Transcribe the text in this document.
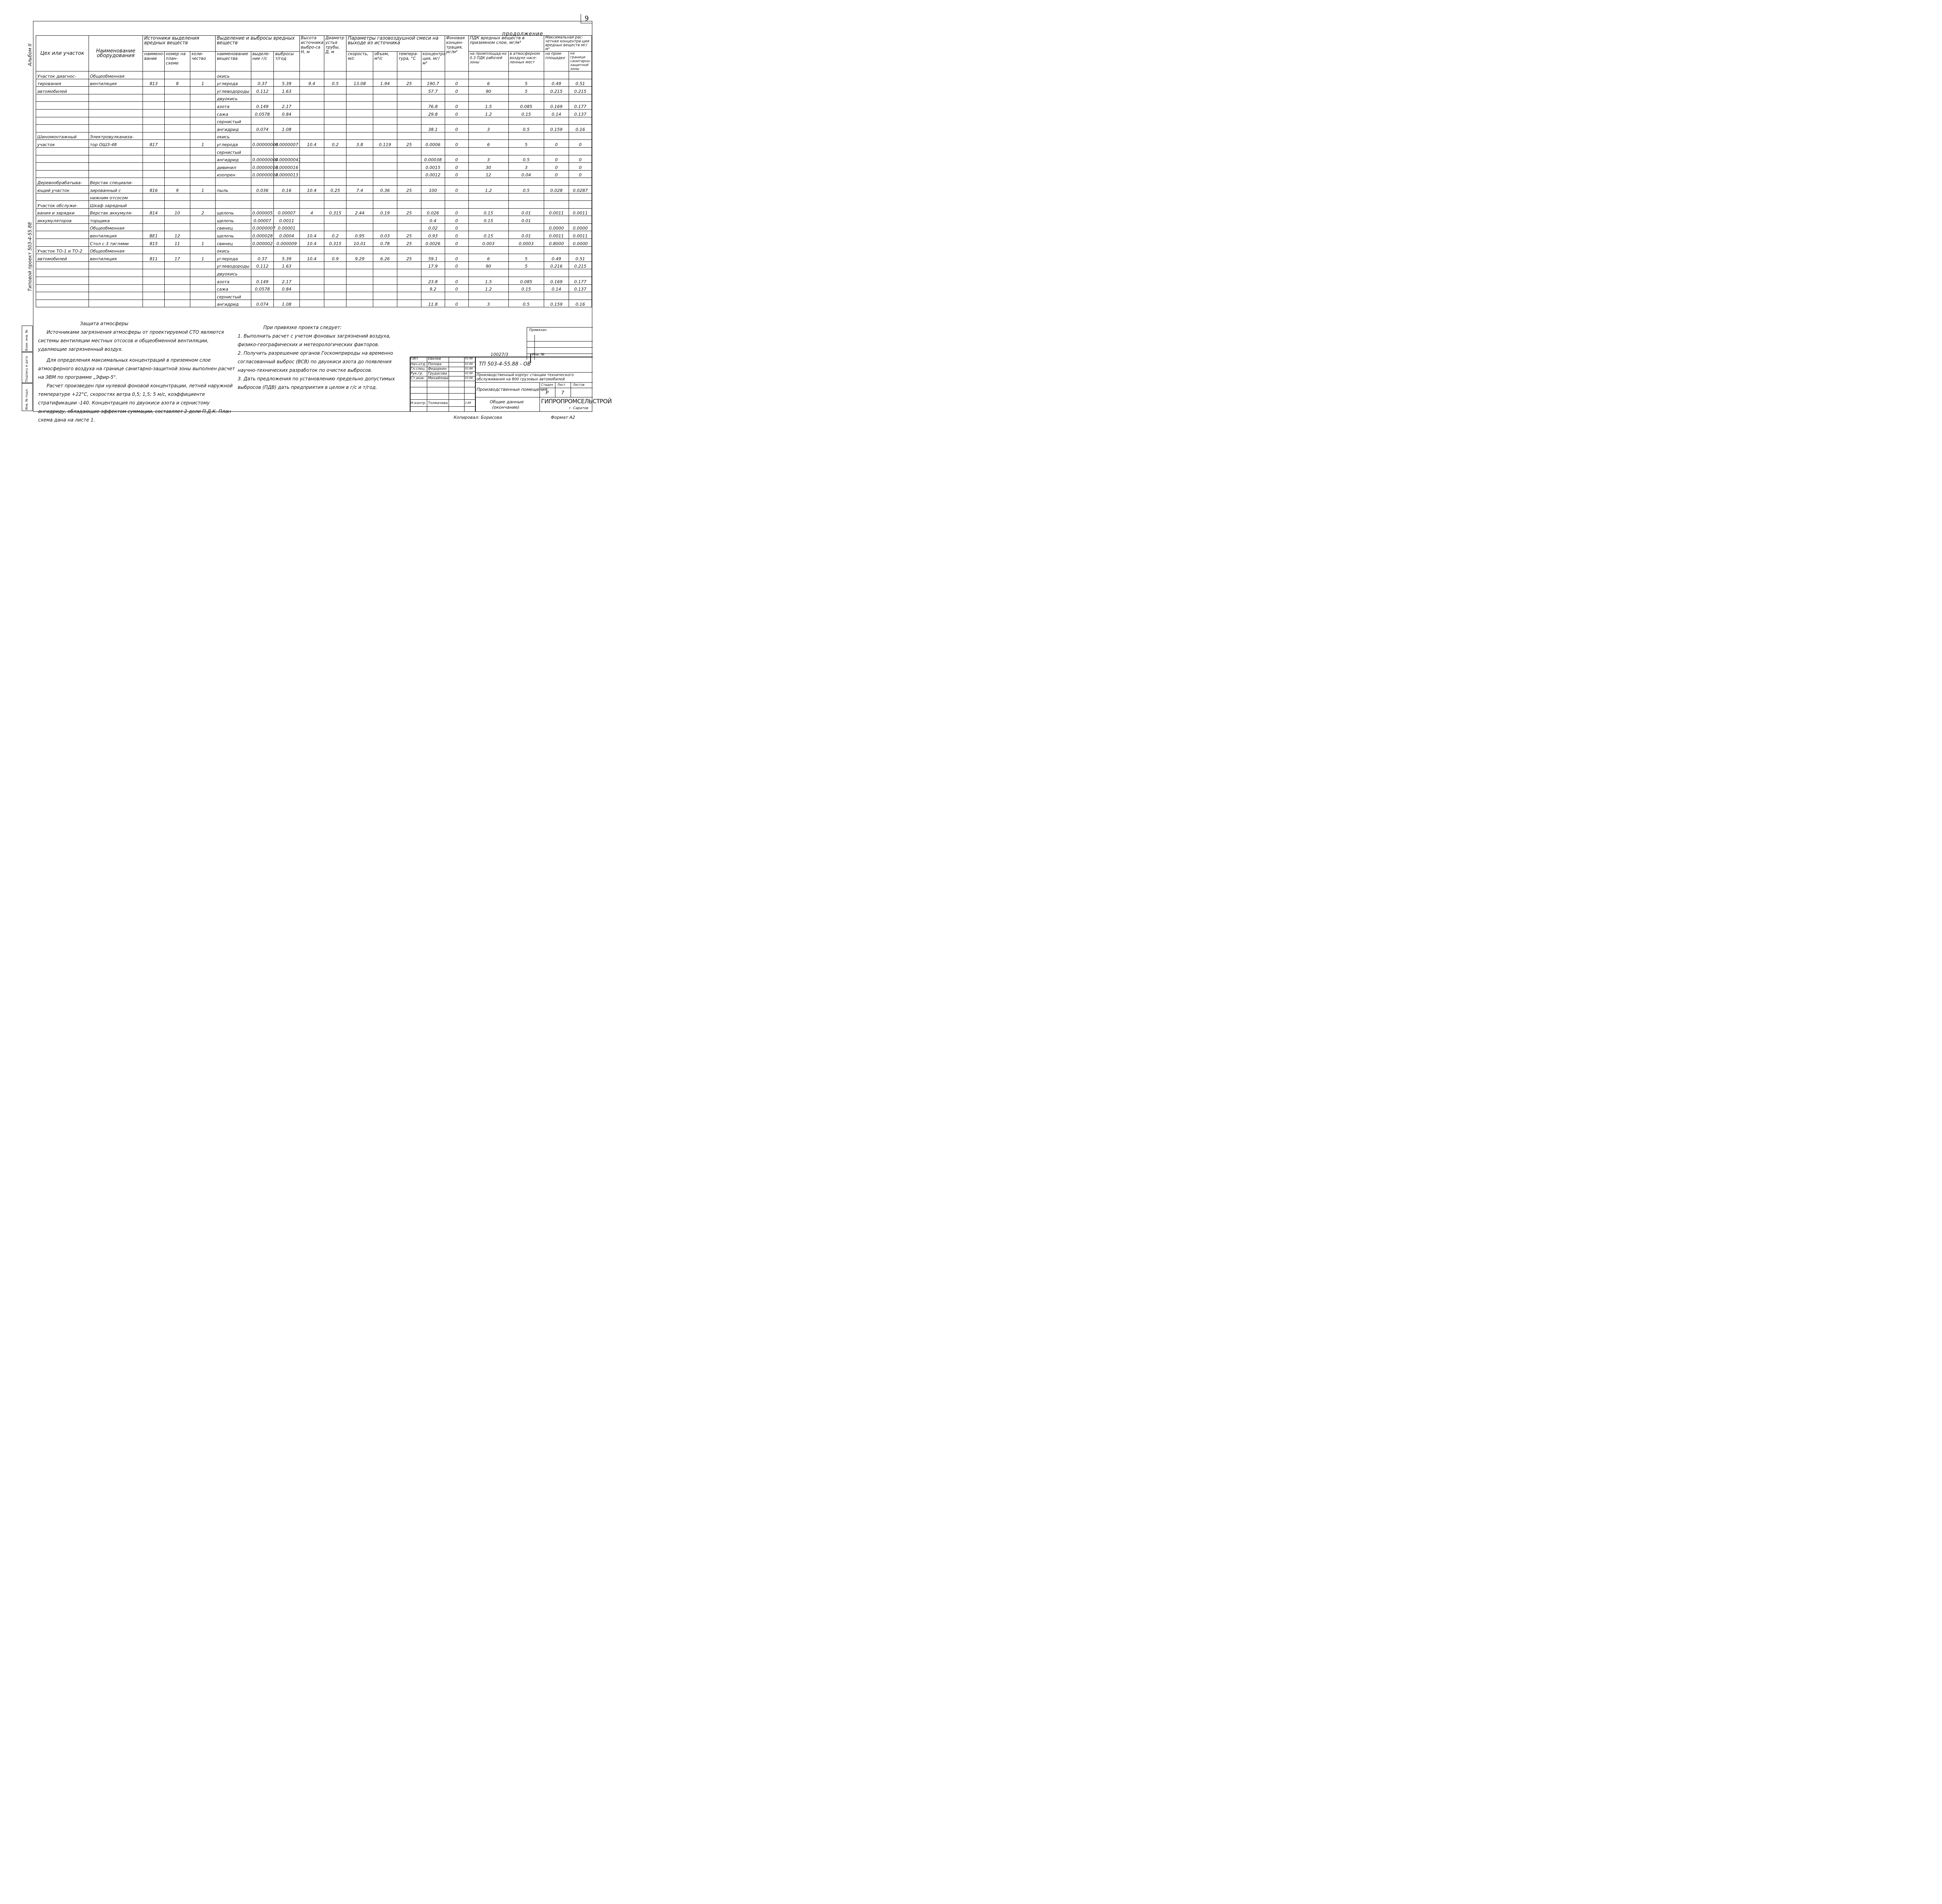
9
продолжение
Альбом II
Типовой проект 503-4-55.88
Взам. инв. №
Подпись и дата
Инв. № подл.
Цех или участок	Наименование оборудования	Источники выделения вредных веществ			Выделение и выбросы вредных веществ			Высота источника выбро-са Н, м	Диаметр устья трубы, Д, м	Параметры газовоздушной смеси на выходе из источника				Фоновая концен-трация, мг/м³	ПДК вредных веществ в приземном слое, мг/м³		Максимальная рас-четная концентра-ция вредных веществ мг/м³	
		наимено-вание	номер на план-схеме	коли-чество	наименование вещества	выделе-ние г/с	выбросы т/год			скорость, м/с	объем, м³/с	темпера-тура, °С	концентра-ция, мг/м³		на промплощад-ке 0.3 ПДК рабочей зоны	в атмосферном воздухе насе-ленных мест	на пром-площадке	на границе санитарно-защитной зоны
Участок диагнос-	Общеобменная				окись													
тирования	вентиляция	813	8	1	углерода	0.37	5.39	9.4	0.5	13.08	1.94	25	190.7	0	6	5	0.49	0.51
автомобилей					углеводороды	0.112	1.63						57.7	0	90	5	0.215	0.215
					двуокись													
					азота	0.149	2.17						76.8	0	1.5	0.085	0.169	0.177
					сажа	0.0578	0.84						29.8	0	1.2	0.15	0.14	0.137
					сернистый													
					ангидрид	0.074	1.08						38.1	0	3	0.5	0.159	0.16
Шиномонтажный	Электровулканиза-				окись													
участок	тор ОШЗ-48	817		1	углерода	0.00000008	0.0000007	10.4	0.2	3.8	0.119	25	0.0006	0	6	5	0	0
					сернистый													
					ангидрид	0.00000004	0.00000041						0.00038	0	3	0.5	0	0
					дивинил	0.00000018	0.0000016						0.0015	0	30	3	0	0
					изопрен	0.00000014	0.0000013						0.0012	0	12	0.04	0	0
Деревообрабатыва-	Верстак специали-																	
ющий участок	зированный с	816	9	1	пыль	0.036	0.16	10.4	0.25	7.4	0.36	25	100	0	1.2	0.5	0.028	0.0287
	нижним отсосом																	
Участок обслужи-	Шкаф зарядный																	
вания и зарядки	Верстак аккумуля-	814	10	2	щелочь	0.000005	0.00007	4	0.315	2.44	0.19	25	0.026	0	0.15	0.01	0.0011	0.0011
аккумуляторов	торщика				щелочь	0.00007	0.0011						0.4	0	0.15	0.01		
	Общеобменная				свинец	0.0000007	0.00001						0.02	0			0.0000	0.0000
	вентиляция	ВЕ1	12		щелочь	0.000028	0.0004	10.4	0.2	0.95	0.03	25	0.93	0	0.15	0.01	0.0011	0.0011
	Стол с 3 тиглями	815	11	1	свинец	0.000002	0.000009	10.4	0.315	10.01	0.78	25	0.0026	0	0.003	0.0003	0.8000	0.0000
Участок ТО-1 и ТО-2	Общеобменная				окись													
автомобилей	вентиляция	811	17	1	углерода	0.37	5.39	10.4	0.9	9.29	6.26	25	59.1	0	6	5	0.49	0.51
					углеводороды	0.112	1.63						17.9	0	90	5	0.216	0.215
					двуокись													
					азота	0.149	2.17						23.8	0	1.5	0.085	0.169	0.177
					сажа	0.0578	0.84						9.2	0	1.2	0.15	0.14	0.137
					сернистый													
					ангидрид	0.074	1.08						11.8	0	3	0.5	0.159	0.16

Защита атмосферы

Источниками загрязнения атмосферы от проектируемой СТО являются системы вентиляции местных отсосов и общеобменной вентиляции, удаляющие загрязненный воздух.

Для определения максимальных концентраций в приземном слое атмосферного воздуха на границе санитарно-защитной зоны выполнен расчет на ЭВМ по программе „Эфир-5".

Расчет произведен при нулевой фоновой концентрации, летней наружной температуре +22°С, скоростях ветра 0,5; 1,5; 5 м/с, коэффициенте стратификации -140. Концентрация по двуокиси азота и сернистому ангидриду, обладающие эффектом суммации, составляет 2 доли П.Д.К. План-схема дана на листе 1.

При привязке проекта следует:

1. Выполнить расчет с учетом фоновых загрязнений воздуха, физико-географических и метеорологических факторов.

2. Получить разрешение органов Госкомприроды на временно согласованный выброс (ВСВ) по двуокиси азота до появления научно-технических разработок по очистке выбросов.

3. Дать предложения по установлению предельно допустимых выбросов (ПДВ) дать предприятия в целом в г/с и т/год.

Привязан
10027/3	Инв. №
ТП 503-4-55.88 - ОВ
Производственный корпус станции технического обслуживания на 800 грузовых автомобилей
Производственные помещения
Общие данные
(окончание)
Стадия Лист Листов
Р	7
ГИПРОПРОМСЕЛЬСТРОЙ
г. Саратов
ГИП	Евелев	02.88
Нач.отд. Попова	02.88
Гл.спец. Федоркин	02.88
Рук.гр. Грудасова	02.88
Ст.инж. Михайлова	02.88
Н.контр. Толмачева	2.88
Копировал: Борисова	Формат А2
